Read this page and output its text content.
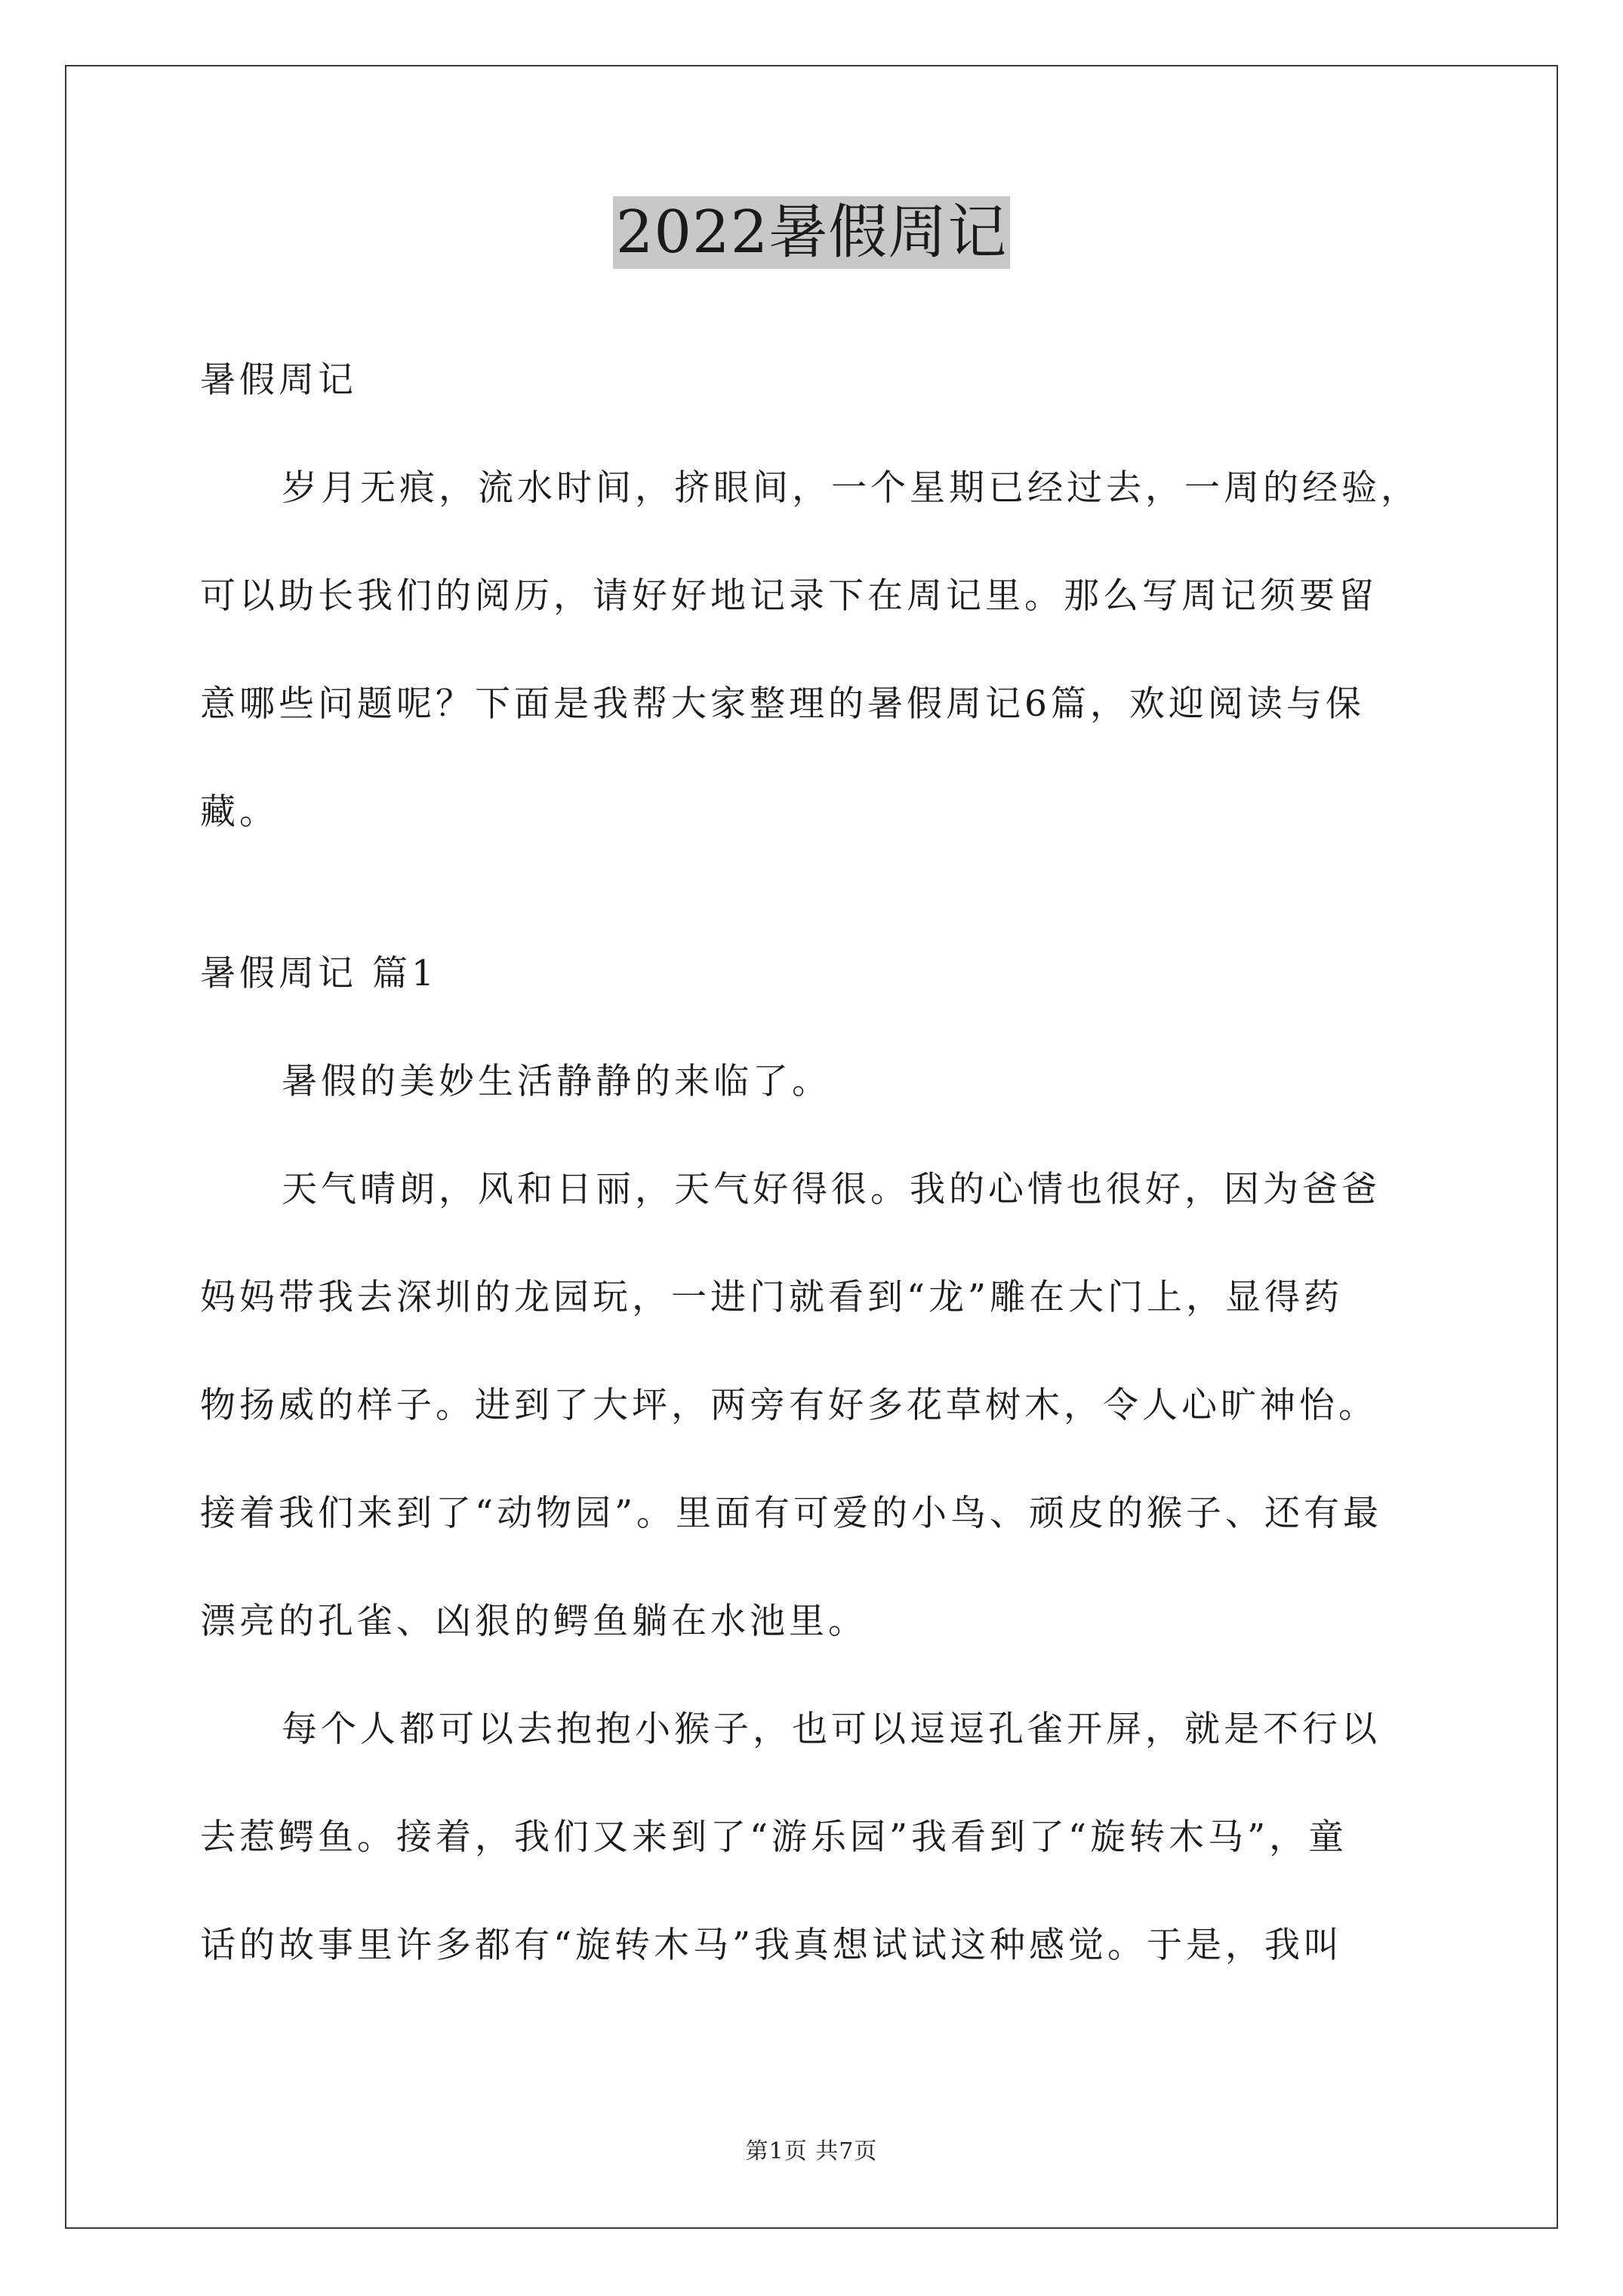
2022暑假周记
暑假周记
岁月无痕，流水时间，挤眼间，一个星期已经过去，一周的经验，
可以助长我们的阅历，请好好地记录下在周记里。那么写周记须要留
意哪些问题呢？下面是我帮大家整理的暑假周记6篇，欢迎阅读与保
藏。
暑假周记 篇1
暑假的美妙生活静静的来临了。
天气晴朗，风和日丽，天气好得很。我的心情也很好，因为爸爸
妈妈带我去深圳的龙园玩，一进门就看到“龙”雕在大门上，显得药
物扬威的样子。进到了大坪，两旁有好多花草树木，令人心旷神怡。
接着我们来到了“动物园”。里面有可爱的小鸟、顽皮的猴子、还有最
漂亮的孔雀、凶狠的鳄鱼躺在水池里。
每个人都可以去抱抱小猴子，也可以逗逗孔雀开屏，就是不行以
去惹鳄鱼。接着，我们又来到了“游乐园”我看到了“旋转木马”，童
话的故事里许多都有“旋转木马”我真想试试这种感觉。于是，我叫
第1页 共7页
